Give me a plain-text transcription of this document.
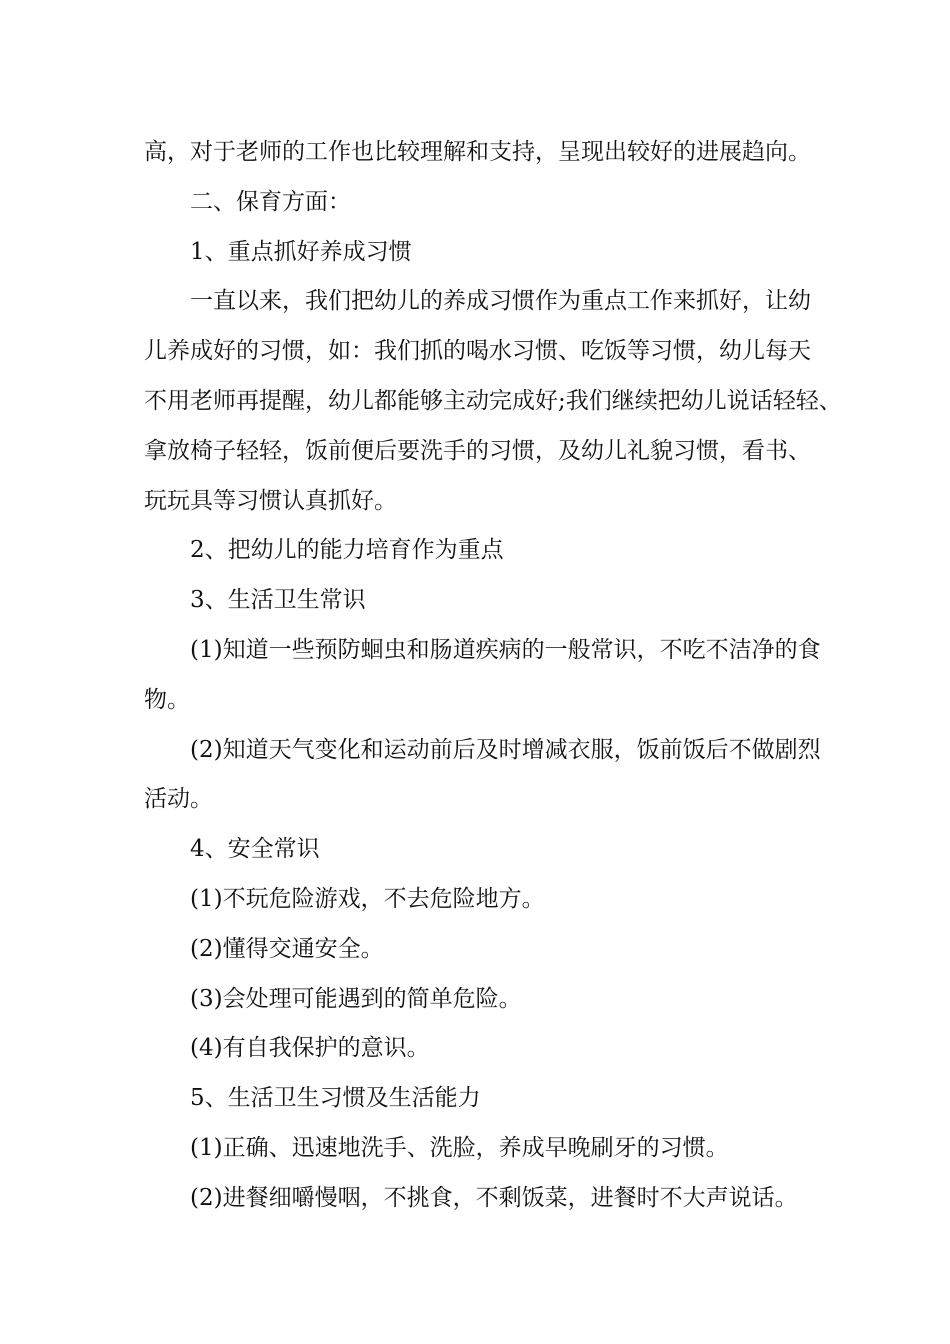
高，对于老师的工作也比较理解和支持，呈现出较好的进展趋向。

二、保育方面：

1、重点抓好养成习惯

一直以来，我们把幼儿的养成习惯作为重点工作来抓好，让幼

儿养成好的习惯，如：我们抓的喝水习惯、吃饭等习惯，幼儿每天

不用老师再提醒，幼儿都能够主动完成好;我们继续把幼儿说话轻轻、

拿放椅子轻轻，饭前便后要洗手的习惯，及幼儿礼貌习惯，看书、

玩玩具等习惯认真抓好。

2、把幼儿的能力培育作为重点

3、生活卫生常识

(1)知道一些预防蛔虫和肠道疾病的一般常识，不吃不洁净的食

物。

(2)知道天气变化和运动前后及时增减衣服，饭前饭后不做剧烈

活动。

4、安全常识

(1)不玩危险游戏，不去危险地方。

(2)懂得交通安全。

(3)会处理可能遇到的简单危险。

(4)有自我保护的意识。

5、生活卫生习惯及生活能力

(1)正确、迅速地洗手、洗脸，养成早晚刷牙的习惯。

(2)进餐细嚼慢咽，不挑食，不剩饭菜，进餐时不大声说话。
